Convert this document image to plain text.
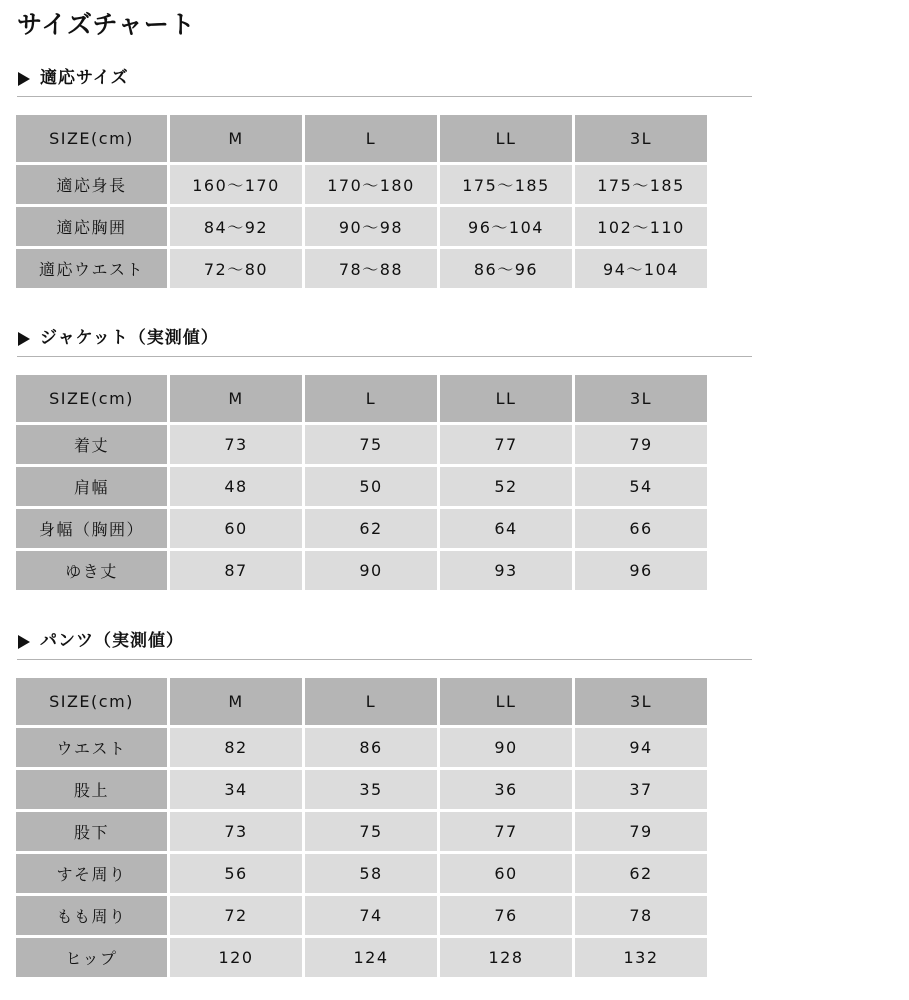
サイズチャート
適応サイズ
SIZE(cm)	M	L	LL	3L
適応身長	160〜170	170〜180	175〜185	175〜185
適応胸囲	84〜92	90〜98	96〜104	102〜110
適応ウエスト	72〜80	78〜88	86〜96	94〜104
ジャケット（実測値）
SIZE(cm)	M	L	LL	3L
着丈	73	75	77	79
肩幅	48	50	52	54
身幅（胸囲）	60	62	64	66
ゆき丈	87	90	93	96
パンツ（実測値）
SIZE(cm)	M	L	LL	3L
ウエスト	82	86	90	94
股上	34	35	36	37
股下	73	75	77	79
すそ周り	56	58	60	62
もも周り	72	74	76	78
ヒップ	120	124	128	132
